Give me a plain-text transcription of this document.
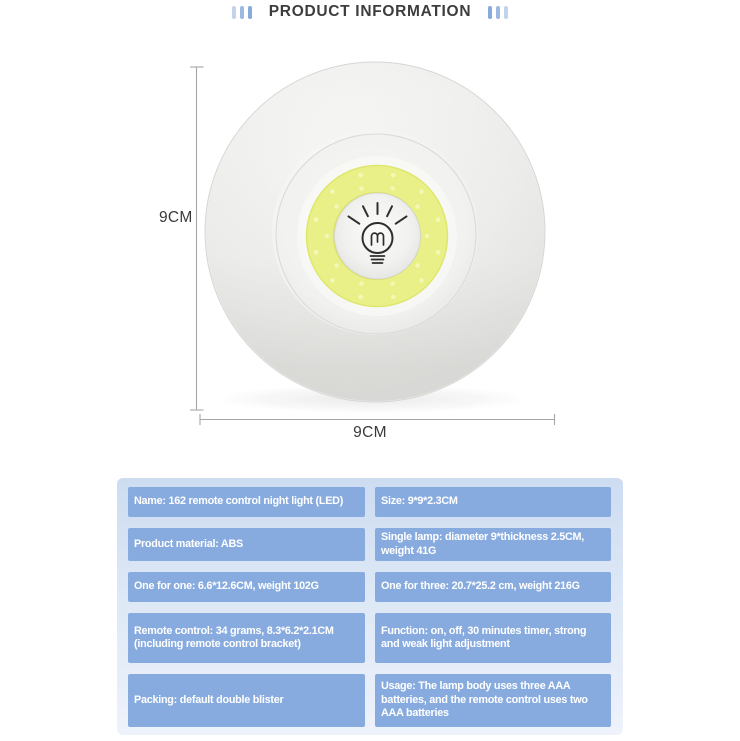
PRODUCT INFORMATION
9CM
9CM
Name: 162 remote control night light (LED)	Size: 9*9*2.3CM
Product material: ABS
Single lamp: diameter 9*thickness 2.5CM, weight 41G
One for one: 6.6*12.6CM, weight 102G	One for three: 20.7*25.2 cm, weight 216G
Remote control: 34 grams, 8.3*6.2*2.1CM (including remote control bracket)
Function: on, off, 30 minutes timer, strong and weak light adjustment
Packing: default double blister
Usage: The lamp body uses three AAA batteries, and the remote control uses two AAA batteries
